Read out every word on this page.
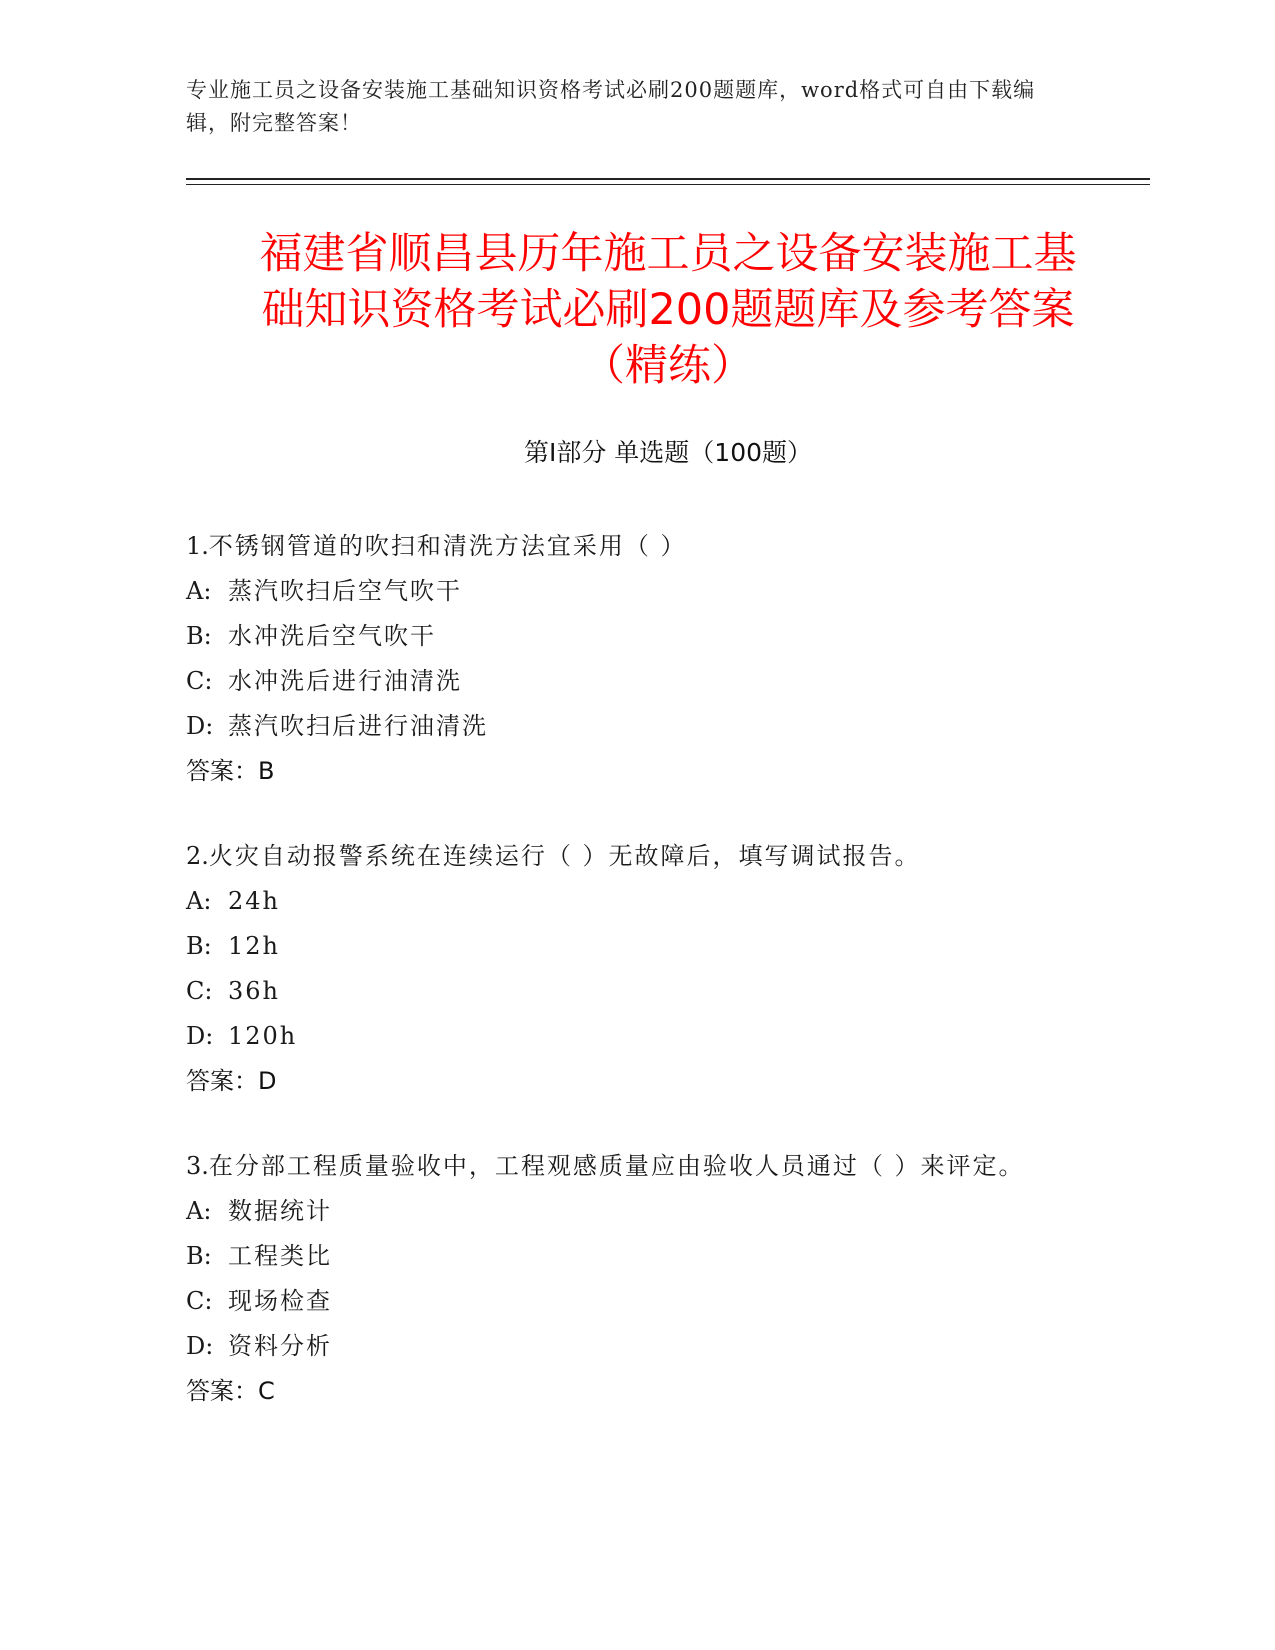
专业施工员之设备安装施工基础知识资格考试必刷200题题库，word格式可自由下载编辑，附完整答案！
福建省顺昌县历年施工员之设备安装施工基
础知识资格考试必刷200题题库及参考答案
（精练）
第Ⅰ部分 单选题（100题）
1.不锈钢管道的吹扫和清洗方法宜采用（ ）
A: 蒸汽吹扫后空气吹干
B: 水冲洗后空气吹干
C: 水冲洗后进行油清洗
D: 蒸汽吹扫后进行油清洗
答案：B
2.火灾自动报警系统在连续运行（ ）无故障后，填写调试报告。
A: 24h
B: 12h
C: 36h
D: 120h
答案：D
3.在分部工程质量验收中，工程观感质量应由验收人员通过（ ）来评定。
A: 数据统计
B: 工程类比
C: 现场检查
D: 资料分析
答案：C
